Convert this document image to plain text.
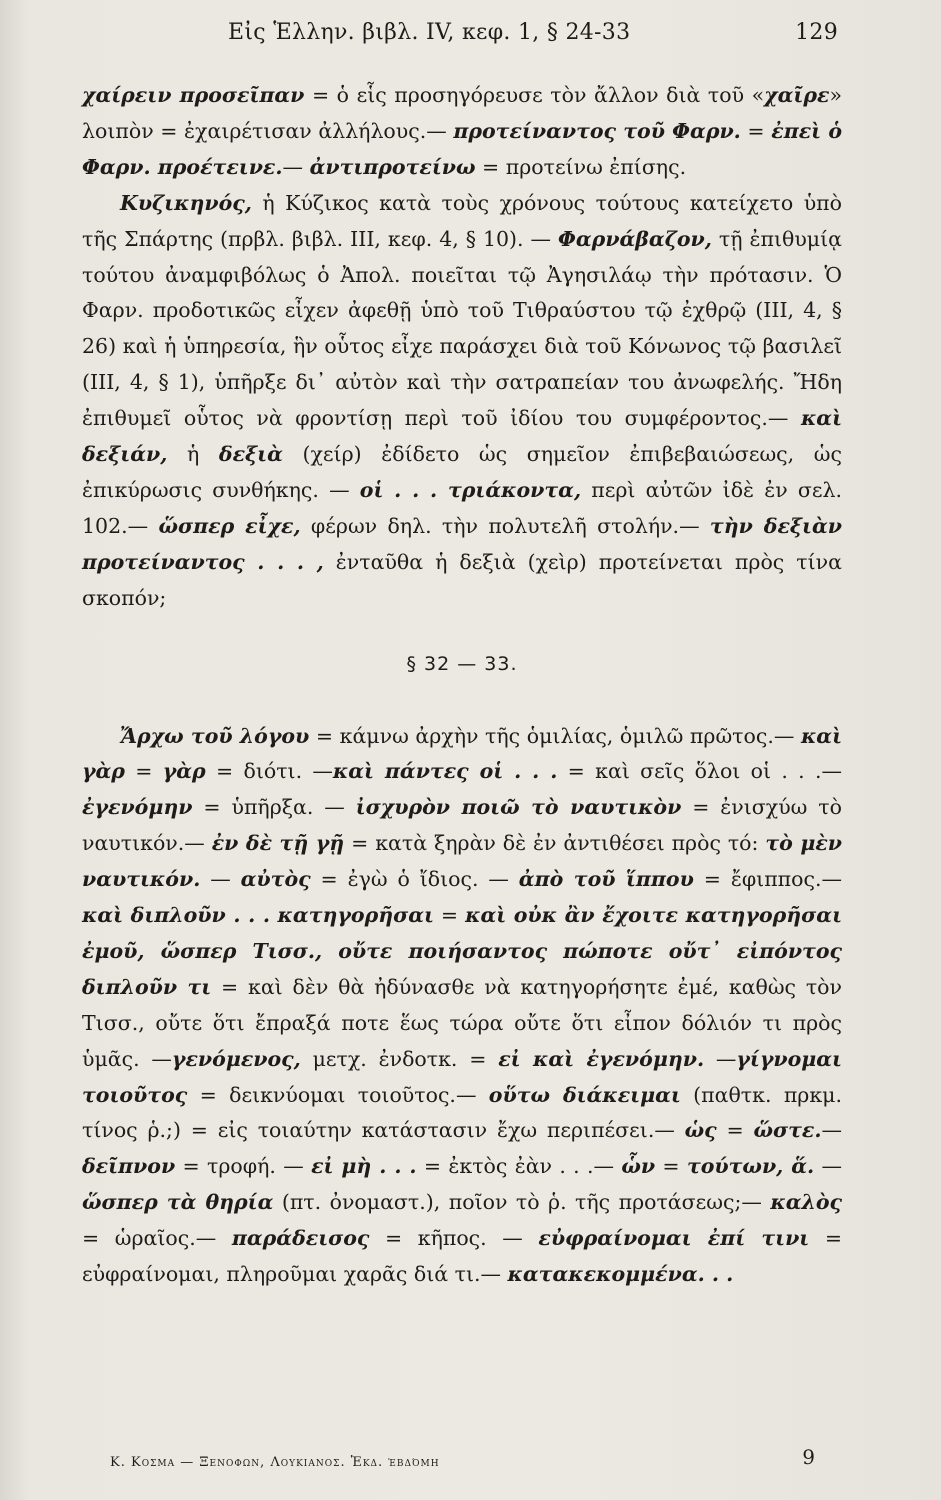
Εἰς Ἑλλην. βιβλ. IV, κεφ. 1, § 24-33	129

χαίρειν προσεῖπαν = ὁ εἷς προσηγόρευσε τὸν ἄλλον διὰ τοῦ «χαῖρε» λοιπὸν = ἐχαιρέτισαν ἀλλήλους.— προτείναντος τοῦ Φαρν. = ἐπεὶ ὁ Φαρν. προέτεινε.— ἀντιπροτείνω = προτείνω ἐπίσης.

Κυζικηνός, ἡ Κύζικος κατὰ τοὺς χρόνους τούτους κατείχετο ὑπὸ τῆς Σπάρτης (πρβλ. βιβλ. III, κεφ. 4, § 10). — Φαρνάβαζον, τῇ ἐπιθυμίᾳ τούτου ἀναμφιβόλως ὁ Ἀπολ. ποιεῖται τῷ Ἀγησιλάῳ τὴν πρότασιν. Ὁ Φαρν. προδοτικῶς εἶχεν ἀφεθῇ ὑπὸ τοῦ Τιθραύστου τῷ ἐχθρῷ (III, 4, § 26) καὶ ἡ ὑπηρεσία, ἣν οὗτος εἶχε παράσχει διὰ τοῦ Κόνωνος τῷ βασιλεῖ (III, 4, § 1), ὑπῆρξε δι᾽ αὐτὸν καὶ τὴν σατραπείαν του ἀνωφελής. Ἤδη ἐπιθυμεῖ οὗτος νὰ φροντίσῃ περὶ τοῦ ἰδίου του συμφέροντος.— καὶ δεξιάν, ἡ δεξιὰ (χείρ) ἐδίδετο ὡς σημεῖον ἐπιβεβαιώσεως, ὡς ἐπικύρωσις συνθήκης. — οἱ . . . τριάκοντα, περὶ αὐτῶν ἰδὲ ἐν σελ. 102.— ὥσπερ εἶχε, φέρων δηλ. τὴν πολυτελῆ στολήν.— τὴν δεξιὰν προτείναντος . . . , ἐνταῦθα ἡ δεξιὰ (χεὶρ) προτείνεται πρὸς τίνα σκοπόν;

§ 32 — 33.

Ἄρχω τοῦ λόγου = κάμνω ἀρχὴν τῆς ὁμιλίας, ὁμιλῶ πρῶτος.— καὶ γὰρ = γὰρ = διότι. —καὶ πάντες οἱ . . . = καὶ σεῖς ὅλοι οἱ . . .— ἐγενόμην = ὑπῆρξα. — ἰσχυρὸν ποιῶ τὸ ναυτικὸν = ἐνισχύω τὸ ναυτικόν.— ἐν δὲ τῇ γῇ = κατὰ ξηρὰν δὲ ἐν ἀντιθέσει πρὸς τό: τὸ μὲν ναυτικόν. — αὐτὸς = ἐγὼ ὁ ἴδιος. — ἀπὸ τοῦ ἵππου = ἔφιππος.— καὶ διπλοῦν . . . κατηγορῆσαι = καὶ οὐκ ἂν ἔχοιτε κατηγορῆσαι ἐμοῦ, ὥσπερ Τισσ., οὔτε ποιήσαντος πώποτε οὔτ᾽ εἰπόντος διπλοῦν τι = καὶ δὲν θὰ ἠδύνασθε νὰ κατηγορήσητε ἐμέ, καθὼς τὸν Τισσ., οὔτε ὅτι ἔπραξά ποτε ἕως τώρα οὔτε ὅτι εἶπον δόλιόν τι πρὸς ὑμᾶς. —γενόμενος, μετχ. ἐνδοτκ. = εἰ καὶ ἐγενόμην. —γίγνομαι τοιοῦτος = δεικνύομαι τοιοῦτος.— οὕτω διάκειμαι (παθτκ. πρκμ. τίνος ῥ.;) = εἰς τοιαύτην κατάστασιν ἔχω περιπέσει.— ὡς = ὥστε.— δεῖπνον = τροφή. — εἰ μὴ . . . = ἐκτὸς ἐὰν . . .— ὧν = τούτων, ἅ. — ὥσπερ τὰ θηρία (πτ. ὀνομαστ.), ποῖον τὸ ῥ. τῆς προτάσεως;— καλὸς = ὡραῖος.— παράδεισος = κῆπος. — εὐφραίνομαι ἐπί τινι = εὐφραίνομαι, πληροῦμαι χαρᾶς διά τι.— κατακεκομμένα. . .

Κ. Κοσμα — Ξενοφων, Λουκιανος. Ἐκδ. ἑβδόμη	9
